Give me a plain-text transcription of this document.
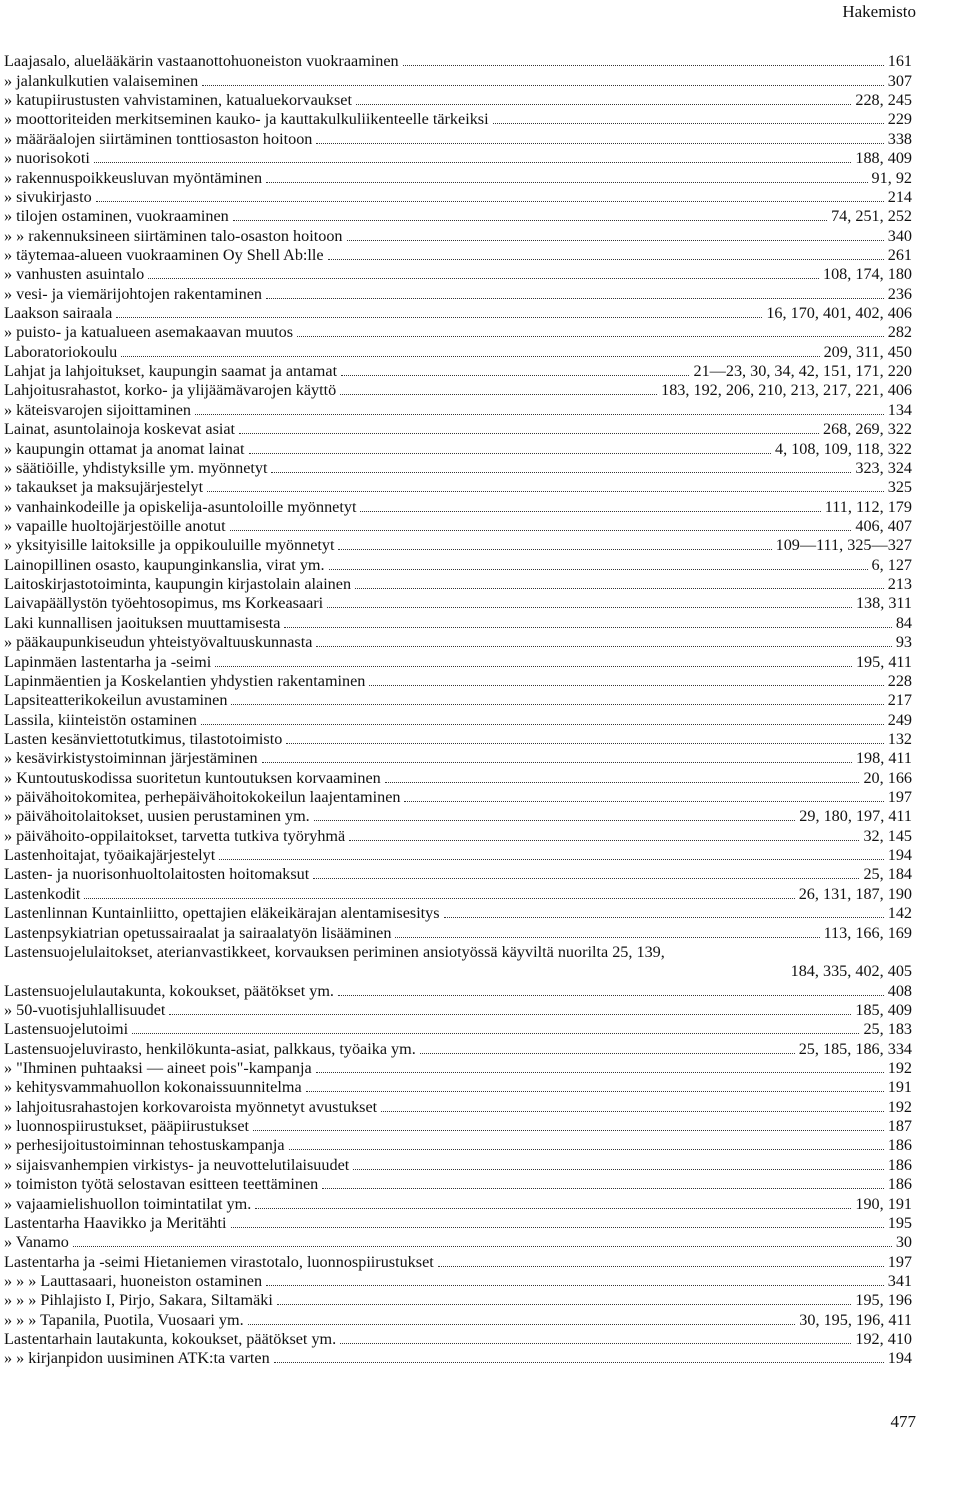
Hakemisto
Laajasalo, aluelääkärin vastaanottohuoneiston vuokraaminen	161
» jalankulkutien valaiseminen	307
» katupiirustusten vahvistaminen, katualuekorvaukset	228, 245
» moottoriteiden merkitseminen kauko- ja kauttakulkuliikenteelle tärkeiksi	229
» määräalojen siirtäminen tonttiosaston hoitoon	338
» nuorisokoti	188, 409
» rakennuspoikkeusluvan myöntäminen	91, 92
» sivukirjasto	214
» tilojen ostaminen, vuokraaminen	74, 251, 252
» » rakennuksineen siirtäminen talo-osaston hoitoon	340
» täytemaa-alueen vuokraaminen Oy Shell Ab:lle	261
» vanhusten asuintalo	108, 174, 180
» vesi- ja viemärijohtojen rakentaminen	236
Laakson sairaala	16, 170, 401, 402, 406
» puisto- ja katualueen asemakaavan muutos	282
Laboratoriokoulu	209, 311, 450
Lahjat ja lahjoitukset, kaupungin saamat ja antamat	21—23, 30, 34, 42, 151, 171, 220
Lahjoitusrahastot, korko- ja ylijäämävarojen käyttö	183, 192, 206, 210, 213, 217, 221, 406
» käteisvarojen sijoittaminen	134
Lainat, asuntolainoja koskevat asiat	268, 269, 322
» kaupungin ottamat ja anomat lainat	4, 108, 109, 118, 322
» säätiöille, yhdistyksille ym. myönnetyt	323, 324
» takaukset ja maksujärjestelyt	325
» vanhainkodeille ja opiskelija-asuntoloille myönnetyt	111, 112, 179
» vapaille huoltojärjestöille anotut	406, 407
» yksityisille laitoksille ja oppikouluille myönnetyt	109—111, 325—327
Lainopillinen osasto, kaupunginkanslia, virat ym.	6, 127
Laitoskirjastotoiminta, kaupungin kirjastolain alainen	213
Laivapäällystön työehtosopimus, ms Korkeasaari	138, 311
Laki kunnallisen jaoituksen muuttamisesta	84
» pääkaupunkiseudun yhteistyövaltuuskunnasta	93
Lapinmäen lastentarha ja -seimi	195, 411
Lapinmäentien ja Koskelantien yhdystien rakentaminen	228
Lapsiteatterikokeilun avustaminen	217
Lassila, kiinteistön ostaminen	249
Lasten kesänviettotutkimus, tilastotoimisto	132
» kesävirkistystoiminnan järjestäminen	198, 411
» Kuntoutuskodissa suoritetun kuntoutuksen korvaaminen	20, 166
» päivähoitokomitea, perhepäivähoitokokeilun laajentaminen	197
» päivähoitolaitokset, uusien perustaminen ym.	29, 180, 197, 411
» päivähoito-oppilaitokset, tarvetta tutkiva työryhmä	32, 145
Lastenhoitajat, työaikajärjestelyt	194
Lasten- ja nuorisonhuoltolaitosten hoitomaksut	25, 184
Lastenkodit	26, 131, 187, 190
Lastenlinnan Kuntainliitto, opettajien eläkeikärajan alentamisesitys	142
Lastenpsykiatrian opetussairaalat ja sairaalatyön lisääminen	113, 166, 169
Lastensuojelulaitokset, aterianvastikkeet, korvauksen periminen ansiotyössä käyviltä nuorilta 25, 139,
184, 335, 402, 405
Lastensuojelulautakunta, kokoukset, päätökset ym.	408
» 50-vuotisjuhlallisuudet	185, 409
Lastensuojelutoimi	25, 183
Lastensuojeluvirasto, henkilökunta-asiat, palkkaus, työaika ym.	25, 185, 186, 334
» "Ihminen puhtaaksi — aineet pois"-kampanja	192
» kehitysvammahuollon kokonaissuunnitelma	191
» lahjoitusrahastojen korkovaroista myönnetyt avustukset	192
» luonnospiirustukset, pääpiirustukset	187
» perhesijoitustoiminnan tehostuskampanja	186
» sijaisvanhempien virkistys- ja neuvottelutilaisuudet	186
» toimiston työtä selostavan esitteen teettäminen	186
» vajaamielishuollon toimintatilat ym.	190, 191
Lastentarha Haavikko ja Meritähti	195
» Vanamo	30
Lastentarha ja -seimi Hietaniemen virastotalo, luonnospiirustukset	197
» » » Lauttasaari, huoneiston ostaminen	341
» » » Pihlajisto I, Pirjo, Sakara, Siltamäki	195, 196
» » » Tapanila, Puotila, Vuosaari ym.	30, 195, 196, 411
Lastentarhain lautakunta, kokoukset, päätökset ym.	192, 410
» » kirjanpidon uusiminen ATK:ta varten	194
477
